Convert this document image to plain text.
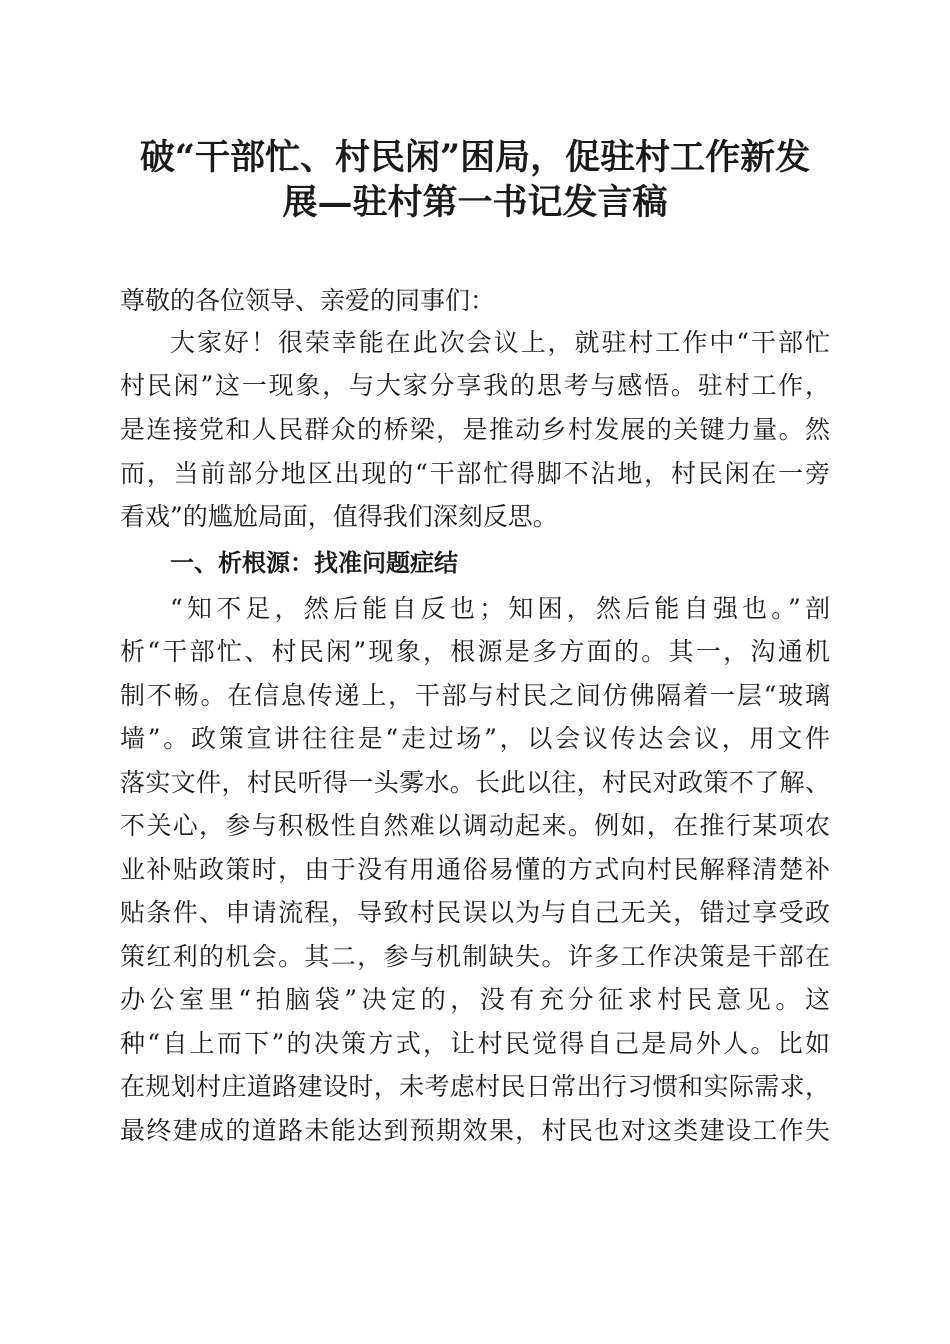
破“干部忙、村民闲”困局，促驻村工作新发
展—驻村第一书记发言稿
尊敬的各位领导、亲爱的同事们：
大家好！很荣幸能在此次会议上，就驻村工作中“干部忙
村民闲”这一现象，与大家分享我的思考与感悟。驻村工作，
是连接党和人民群众的桥梁，是推动乡村发展的关键力量。然
而，当前部分地区出现的“干部忙得脚不沾地，村民闲在一旁
看戏”的尴尬局面，值得我们深刻反思。
一、析根源：找准问题症结
“知不足，然后能自反也；知困，然后能自强也。”剖
析“干部忙、村民闲”现象，根源是多方面的。其一，沟通机
制不畅。在信息传递上，干部与村民之间仿佛隔着一层“玻璃
墙”。政策宣讲往往是“走过场”，以会议传达会议，用文件
落实文件，村民听得一头雾水。长此以往，村民对政策不了解、
不关心，参与积极性自然难以调动起来。例如，在推行某项农
业补贴政策时，由于没有用通俗易懂的方式向村民解释清楚补
贴条件、申请流程，导致村民误以为与自己无关，错过享受政
策红利的机会。其二，参与机制缺失。许多工作决策是干部在
办公室里“拍脑袋”决定的，没有充分征求村民意见。这
种“自上而下”的决策方式，让村民觉得自己是局外人。比如
在规划村庄道路建设时，未考虑村民日常出行习惯和实际需求，
最终建成的道路未能达到预期效果，村民也对这类建设工作失
